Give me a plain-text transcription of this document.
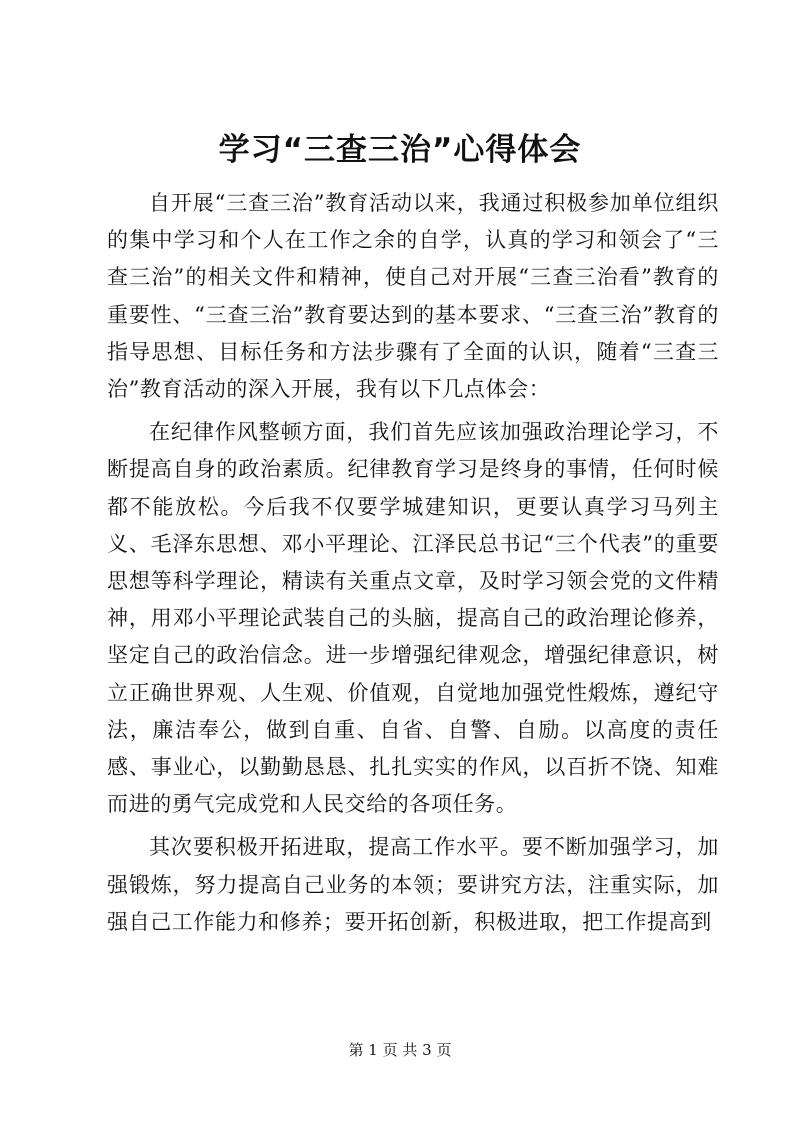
学习“三查三治”心得体会

自开展“三查三治”教育活动以来，我通过积极参加单位组织的集中学习和个人在工作之余的自学，认真的学习和领会了“三查三治”的相关文件和精神，使自己对开展“三查三治看”教育的重要性、“三查三治”教育要达到的基本要求、“三查三治”教育的指导思想、目标任务和方法步骤有了全面的认识，随着“三查三治”教育活动的深入开展，我有以下几点体会：

在纪律作风整顿方面，我们首先应该加强政治理论学习，不断提高自身的政治素质。纪律教育学习是终身的事情，任何时候都不能放松。今后我不仅要学城建知识，更要认真学习马列主义、毛泽东思想、邓小平理论、江泽民总书记“三个代表”的重要思想等科学理论，精读有关重点文章，及时学习领会党的文件精神，用邓小平理论武装自己的头脑，提高自己的政治理论修养，坚定自己的政治信念。进一步增强纪律观念，增强纪律意识，树立正确世界观、人生观、价值观，自觉地加强党性煅炼，遵纪守法，廉洁奉公，做到自重、自省、自警、自励。以高度的责任感、事业心，以勤勤恳恳、扎扎实实的作风，以百折不饶、知难而进的勇气完成党和人民交给的各项任务。

其次要积极开拓进取，提高工作水平。要不断加强学习，加强锻炼，努力提高自己业务的本领；要讲究方法，注重实际，加强自己工作能力和修养；要开拓创新，积极进取，把工作提高到

第 1 页 共 3 页
